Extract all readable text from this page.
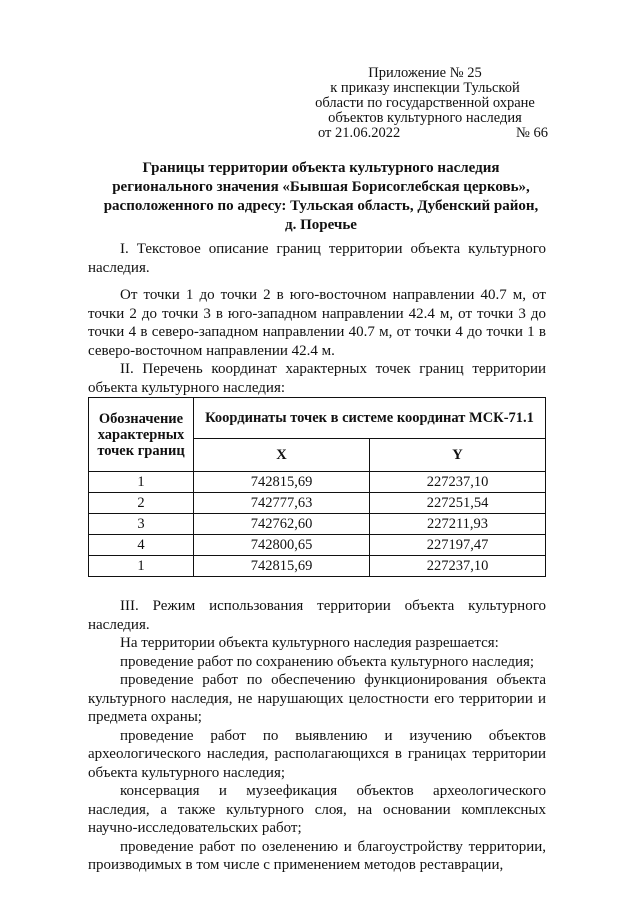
Приложение № 25
к приказу инспекции Тульской
области по государственной охране
объектов культурного наследия
от 21.06.2022	№ 66
Границы территории объекта культурного наследия
регионального значения «Бывшая Борисоглебская церковь»,
расположенного по адресу: Тульская область, Дубенский район,
д. Поречье

I. Текстовое описание границ территории объекта культурного наследия.

От точки 1 до точки 2 в юго-восточном направлении 40.7 м, от точки 2 до точки 3 в юго-западном направлении 42.4 м, от точки 3 до точки 4 в северо-западном направлении 40.7 м, от точки 4 до точки 1 в северо-восточном направлении 42.4 м.

II. Перечень координат характерных точек границ территории объекта культурного наследия:

Обозначение характерных точек границ	Координаты точек в системе координат МСК-71.1	
	X	Y
1	742815,69	227237,10
2	742777,63	227251,54
3	742762,60	227211,93
4	742800,65	227197,47
1	742815,69	227237,10

III. Режим использования территории объекта культурного наследия.

На территории объекта культурного наследия разрешается:

проведение работ по сохранению объекта культурного наследия;

проведение работ по обеспечению функционирования объекта культурного наследия, не нарушающих целостности его территории и предмета охраны;

проведение работ по выявлению и изучению объектов археологического наследия, располагающихся в границах территории объекта культурного наследия;

консервация и музеефикация объектов археологического наследия, а также культурного слоя, на основании комплексных научно-исследовательских работ;

проведение работ по озеленению и благоустройству территории, производимых в том числе с применением методов реставрации,
